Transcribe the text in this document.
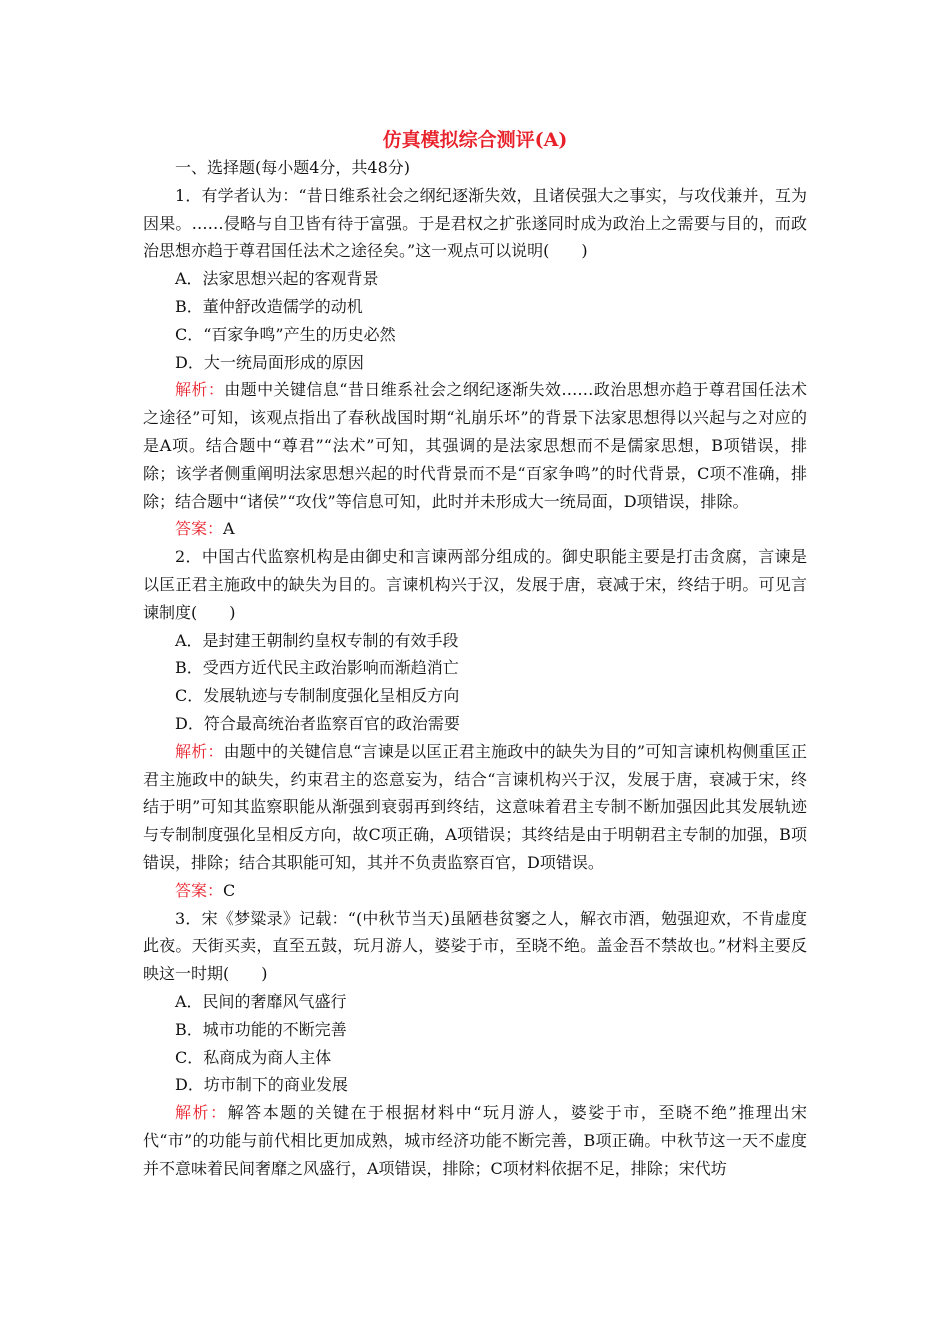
仿真模拟综合测评(A)
一、选择题(每小题4分，共48分)

1．有学者认为：“昔日维系社会之纲纪逐渐失效，且诸侯强大之事实，与攻伐兼并，互为因果。……侵略与自卫皆有待于富强。于是君权之扩张遂同时成为政治上之需要与目的，而政治思想亦趋于尊君国任法术之途径矣。”这一观点可以说明(　　)

A．法家思想兴起的客观背景
B．董仲舒改造儒学的动机
C．“百家争鸣”产生的历史必然
D．大一统局面形成的原因

解析：由题中关键信息“昔日维系社会之纲纪逐渐失效……政治思想亦趋于尊君国任法术之途径”可知，该观点指出了春秋战国时期“礼崩乐坏”的背景下法家思想得以兴起与之对应的是A项。结合题中“尊君”“法术”可知，其强调的是法家思想而不是儒家思想，B项错误，排除；该学者侧重阐明法家思想兴起的时代背景而不是“百家争鸣”的时代背景，C项不准确，排除；结合题中“诸侯”“攻伐”等信息可知，此时并未形成大一统局面，D项错误，排除。

答案：A

2．中国古代监察机构是由御史和言谏两部分组成的。御史职能主要是打击贪腐，言谏是以匡正君主施政中的缺失为目的。言谏机构兴于汉，发展于唐，衰减于宋，终结于明。可见言谏制度(　　)

A．是封建王朝制约皇权专制的有效手段
B．受西方近代民主政治影响而渐趋消亡
C．发展轨迹与专制制度强化呈相反方向
D．符合最高统治者监察百官的政治需要

解析：由题中的关键信息“言谏是以匡正君主施政中的缺失为目的”可知言谏机构侧重匡正君主施政中的缺失，约束君主的恣意妄为，结合“言谏机构兴于汉，发展于唐，衰减于宋，终结于明”可知其监察职能从渐强到衰弱再到终结，这意味着君主专制不断加强因此其发展轨迹与专制制度强化呈相反方向，故C项正确，A项错误；其终结是由于明朝君主专制的加强，B项错误，排除；结合其职能可知，其并不负责监察百官，D项错误。

答案：C

3．宋《梦粱录》记载：“(中秋节当天)虽陋巷贫窭之人，解衣市酒，勉强迎欢，不肯虚度此夜。天街买卖，直至五鼓，玩月游人，婆娑于市，至晓不绝。盖金吾不禁故也。”材料主要反映这一时期(　　)

A．民间的奢靡风气盛行
B．城市功能的不断完善
C．私商成为商人主体
D．坊市制下的商业发展

解析：解答本题的关键在于根据材料中“玩月游人，婆娑于市，至晓不绝”推理出宋代“市”的功能与前代相比更加成熟，城市经济功能不断完善，B项正确。中秋节这一天不虚度并不意味着民间奢靡之风盛行，A项错误，排除；C项材料依据不足，排除；宋代坊
